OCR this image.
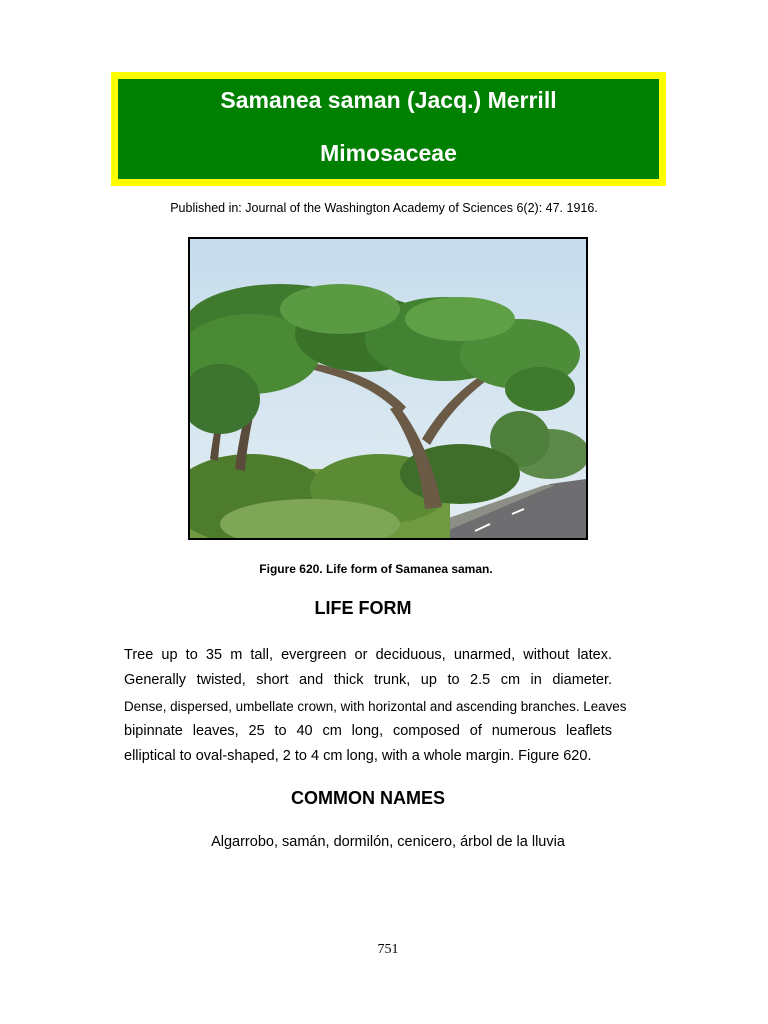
Samanea saman (Jacq.) Merrill
Mimosaceae
Published in: Journal of the Washington Academy of Sciences 6(2): 47. 1916.
Figure 620. Life form of Samanea saman.
LIFE FORM
Tree up to 35 m tall, evergreen or deciduous, unarmed, without latex.
Generally twisted, short and thick trunk, up to 2.5 cm in diameter.
Dense, dispersed, umbellate crown, with horizontal and ascending branches. Leaves
bipinnate leaves, 25 to 40 cm long, composed of numerous leaflets
elliptical to oval-shaped, 2 to 4 cm long, with a whole margin. Figure 620.
COMMON NAMES
Algarrobo, samán, dormilón, cenicero, árbol de la lluvia
751
